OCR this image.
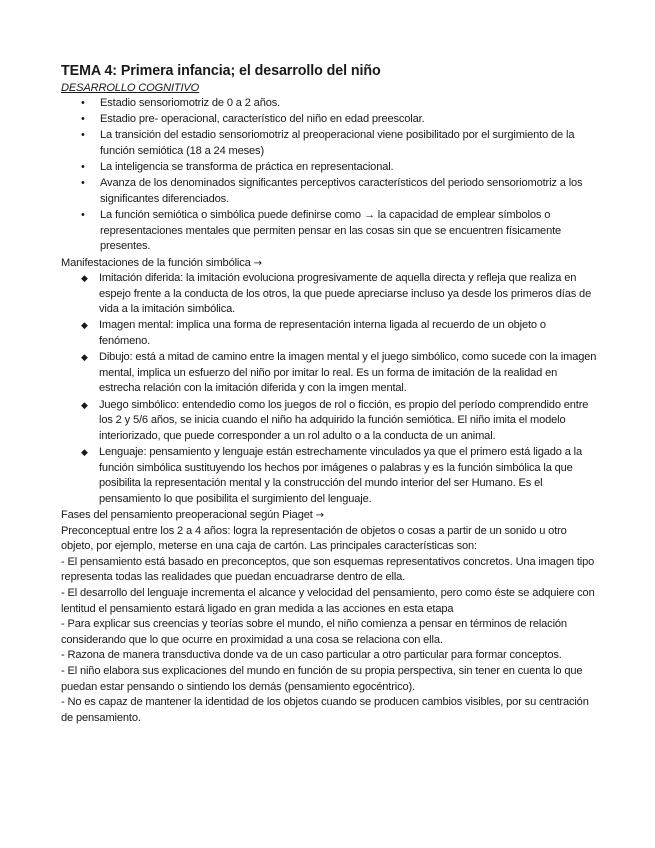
TEMA 4: Primera infancia; el desarrollo del niño

DESARROLLO COGNITIVO

• Estadio sensoriomotriz de 0 a 2 años.
• Estadio pre- operacional, característico del niño en edad preescolar.
• La transición del estadio sensoriomotriz al preoperacional viene posibilitado por el surgimiento de la función semiótica (18 a 24 meses)
• La inteligencia se transforma de práctica en representacional.
• Avanza de los denominados significantes perceptivos característicos del periodo sensoriomotriz a los significantes diferenciados.
• La función semiótica o simbólica puede definirse como → la capacidad de emplear símbolos o representaciones mentales que permiten pensar en las cosas sin que se encuentren físicamente presentes.

Manifestaciones de la función simbólica →

◆ Imitación diferida: la imitación evoluciona progresivamente de aquella directa y refleja que realiza en espejo frente a la conducta de los otros, la que puede apreciarse incluso ya desde los primeros días de vida a la imitación simbólica.
◆ Imagen mental: implica una forma de representación interna ligada al recuerdo de un objeto o fenómeno.
◆ Dibujo: está a mitad de camino entre la imagen mental y el juego simbólico, como sucede con la imagen mental, implica un esfuerzo del niño por imitar lo real. Es un forma de imitación de la realidad en estrecha relación con la imitación diferida y con la imgen mental.
◆ Juego simbólico: entendedio como los juegos de rol o ficción, es propio del período comprendido entre los 2 y 5/6 años, se inicia cuando el niño ha adquirido la función semiótica. El niño imita el modelo interiorizado, que puede corresponder a un rol adulto o a la conducta de un animal.
◆ Lenguaje: pensamiento y lenguaje están estrechamente vinculados ya que el primero está ligado a la función simbólica sustituyendo los hechos por imágenes o palabras y es la función simbólica la que posibilita la representación mental y la construcción del mundo interior del ser Humano. Es el pensamiento lo que posibilita el surgimiento del lenguaje.

Fases del pensamiento preoperacional según Piaget →

Preconceptual entre los 2 a 4 años: logra la representación de objetos o cosas a partir de un sonido u otro objeto, por ejemplo, meterse en una caja de cartón. Las principales características son:

- El pensamiento está basado en preconceptos, que son esquemas representativos concretos. Una imagen tipo representa todas las realidades que puedan encuadrarse dentro de ella.

- El desarrollo del lenguaje incrementa el alcance y velocidad del pensamiento, pero como éste se adquiere con lentitud el pensamiento estará ligado en gran medida a las acciones en esta etapa

- Para explicar sus creencias y teorías sobre el mundo, el niño comienza a pensar en términos de relación considerando que lo que ocurre en proximidad a una cosa se relaciona con ella.

- Razona de manera transductiva donde va de un caso particular a otro particular para formar conceptos.

- El niño elabora sus explicaciones del mundo en función de su propia perspectiva, sin tener en cuenta lo que puedan estar pensando o sintiendo los demás (pensamiento egocéntrico).

- No es capaz de mantener la identidad de los objetos cuando se producen cambios visibles, por su centración de pensamiento.
